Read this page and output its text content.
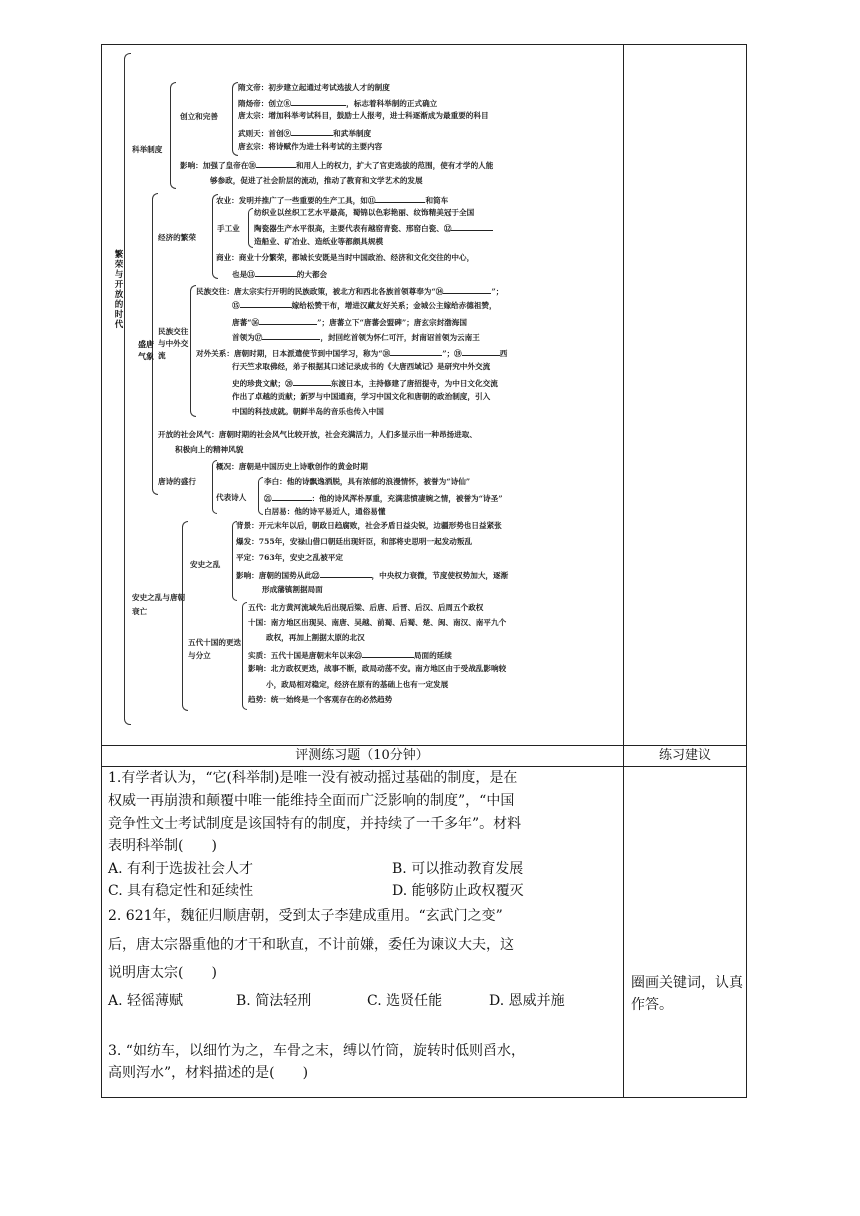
繁荣与开放的时代
科举制度
创立和完善
隋文帝：初步建立起通过考试选拔人才的制度
隋炀帝：创立⑧	，标志着科举制的正式确立
唐太宗：增加科举考试科目，鼓励士人报考，进士科逐渐成为最重要的科目
武则天：首创⑨	和武举制度
唐玄宗：将诗赋作为进士科考试的主要内容
影响：加强了皇帝在⑩	和用人上的权力，扩大了官吏选拔的范围，使有才学的人能
够参政，促进了社会阶层的流动，推动了教育和文学艺术的发展
盛唐气象
经济的繁荣
农业：发明并推广了一些重要的生产工具，如⑪	和筒车
手工业
纺织业以丝织工艺水平最高，蜀锦以色彩艳丽、纹饰精美冠于全国
陶瓷器生产水平很高，主要代表有越窑青瓷、邢窑白瓷、⑫
造船业、矿冶业、造纸业等都颇具规模
商业：商业十分繁荣，都城长安既是当时中国政治、经济和文化交往的中心，
也是⑬	的大都会
民族交往与中外交流
民族交往：唐太宗实行开明的民族政策，被北方和西北各族首领尊奉为“⑭	”；
⑮	嫁给松赞干布，增进汉藏友好关系；金城公主嫁给赤德祖赞，
唐蕃“⑯	”；唐蕃立下“唐蕃会盟碑”；唐玄宗封渤海国
首领为⑰	，封回纥首领为怀仁可汗，封南诏首领为云南王
对外关系：唐朝时期，日本派遣使节到中国学习，称为“⑱	”；⑲	西
行天竺求取佛经，弟子根据其口述记录成书的《大唐西域记》是研究中外交流
史的珍贵文献；⑳	东渡日本，主持修建了唐招提寺，为中日文化交流
作出了卓越的贡献；新罗与中国通商，学习中国文化和唐朝的政治制度，引入
中国的科技成就。朝鲜半岛的音乐也传入中国
开放的社会风气：唐朝时期的社会风气比较开放，社会充满活力，人们多显示出一种昂扬进取、
积极向上的精神风貌
唐诗的盛行
概况：唐朝是中国历史上诗歌创作的黄金时期
代表诗人
李白：他的诗飘逸洒脱，具有浓郁的浪漫情怀，被誉为“诗仙”
㉑	：他的诗风浑朴厚重，充满悲愤凄婉之情，被誉为“诗圣”
白居易：他的诗平易近人，通俗易懂
安史之乱与唐朝衰亡
安史之乱
背景：开元末年以后，朝政日趋腐败，社会矛盾日益尖锐，边疆形势也日益紧张
爆发：755年，安禄山借口朝廷出现奸臣，和部将史思明一起发动叛乱
平定：763年，安史之乱被平定
影响：唐朝的国势从此㉒	，中央权力衰微，节度使权势加大，逐渐
形成藩镇割据局面
五代十国的更迭与分立
五代：北方黄河流域先后出现后梁、后唐、后晋、后汉、后周五个政权
十国：南方地区出现吴、南唐、吴越、前蜀、后蜀、楚、闽、南汉、南平九个
政权，再加上割据太原的北汉
实质：五代十国是唐朝末年以来㉓	局面的延续
影响：北方政权更迭，战事不断，政局动荡不安。南方地区由于受战乱影响较
小，政局相对稳定，经济在原有的基础上也有一定发展
趋势：统一始终是一个客观存在的必然趋势
评测练习题（10分钟）	练习建议
1.有学者认为，“它(科举制)是唯一没有被动摇过基础的制度，是在
权威一再崩溃和颠覆中唯一能维持全面而广泛影响的制度”，“中国
竞争性文士考试制度是该国特有的制度，并持续了一千多年”。材料
表明科举制(　　)
A. 有利于选拔社会人才	B. 可以推动教育发展
C. 具有稳定性和延续性	D. 能够防止政权覆灭
2. 621年，魏征归顺唐朝，受到太子李建成重用。“玄武门之变”
后，唐太宗器重他的才干和耿直，不计前嫌，委任为谏议大夫，这
说明唐太宗(　　)
A. 轻徭薄赋	B. 简法轻刑	C. 选贤任能	D. 恩威并施
3. “如纺车，以细竹为之，车骨之末，缚以竹筒，旋转时低则舀水，
高则泻水”，材料描述的是(　　)
圈画关键词，认真作答。
